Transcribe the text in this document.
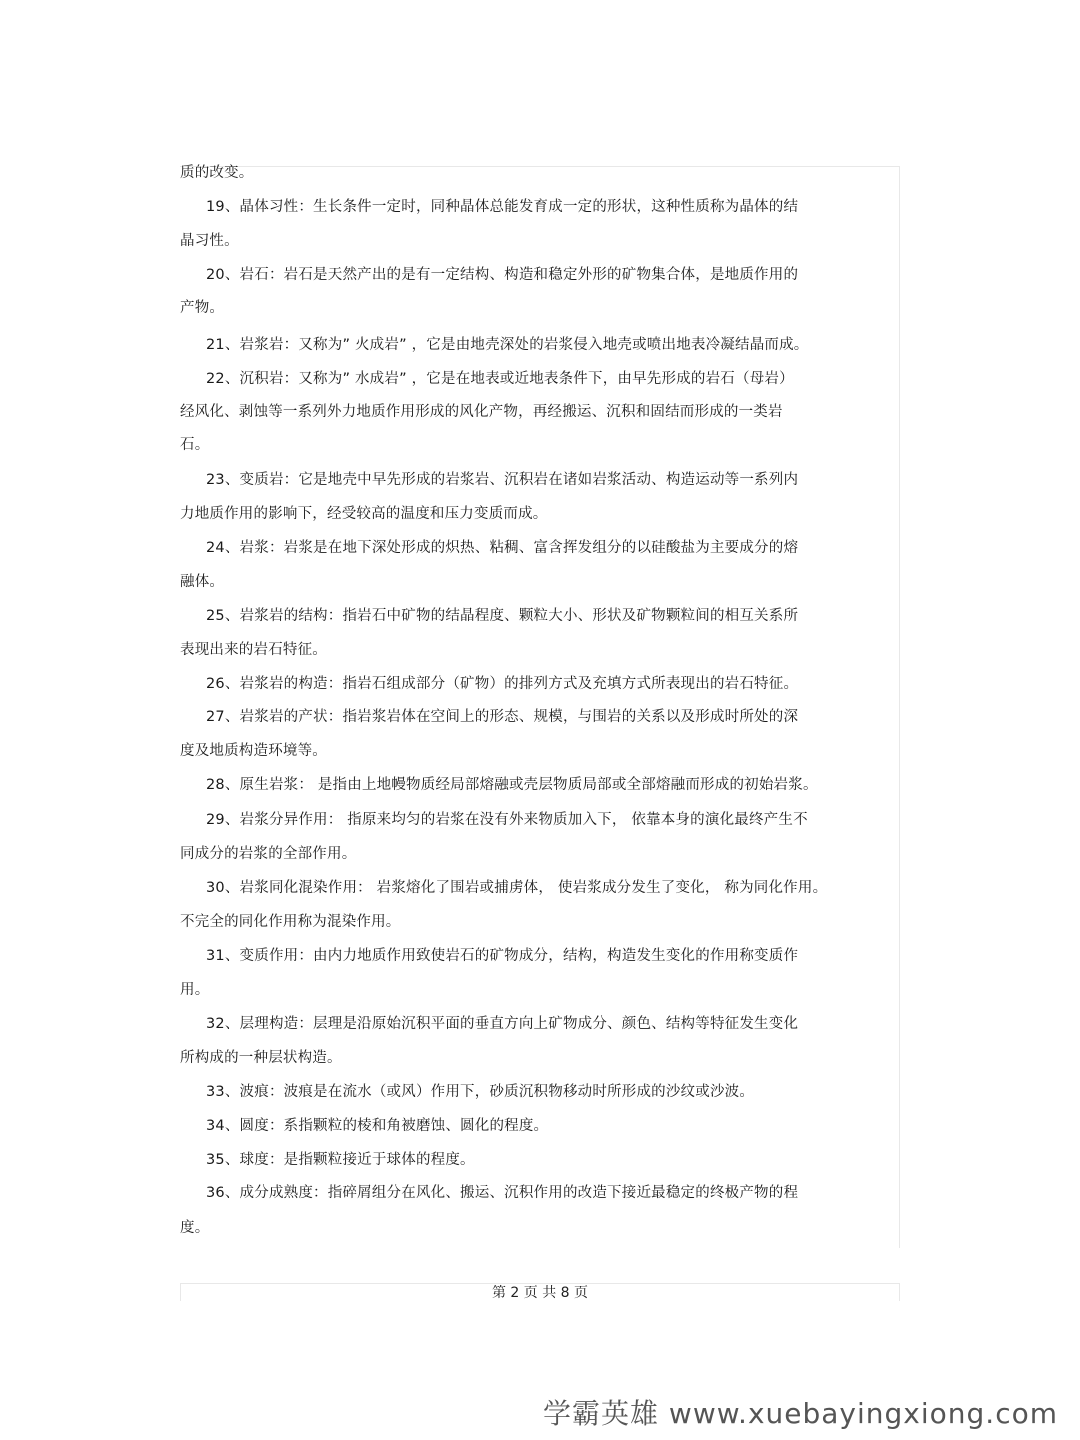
质的改变。
19、晶体习性：生长条件一定时，同种晶体总能发育成一定的形状，这种性质称为晶体的结
晶习性。
20、岩石：岩石是天然产出的是有一定结构、构造和稳定外形的矿物集合体，是地质作用的
产物。
21、岩浆岩：又称为” 火成岩” ，它是由地壳深处的岩浆侵入地壳或喷出地表冷凝结晶而成。
22、沉积岩：又称为” 水成岩” ，它是在地表或近地表条件下，由早先形成的岩石（母岩）
经风化、剥蚀等一系列外力地质作用形成的风化产物，再经搬运、沉积和固结而形成的一类岩
石。
23、变质岩：它是地壳中早先形成的岩浆岩、沉积岩在诸如岩浆活动、构造运动等一系列内
力地质作用的影响下，经受较高的温度和压力变质而成。
24、岩浆：岩浆是在地下深处形成的炽热、粘稠、富含挥发组分的以硅酸盐为主要成分的熔
融体。
25、岩浆岩的结构：指岩石中矿物的结晶程度、颗粒大小、形状及矿物颗粒间的相互关系所
表现出来的岩石特征。
26、岩浆岩的构造：指岩石组成部分（矿物）的排列方式及充填方式所表现出的岩石特征。
27、岩浆岩的产状：指岩浆岩体在空间上的形态、规模，与围岩的关系以及形成时所处的深
度及地质构造环境等。
28、原生岩浆： 是指由上地幔物质经局部熔融或壳层物质局部或全部熔融而形成的初始岩浆。
29、岩浆分异作用： 指原来均匀的岩浆在没有外来物质加入下， 依靠本身的演化最终产生不
同成分的岩浆的全部作用。
30、岩浆同化混染作用： 岩浆熔化了围岩或捕虏体， 使岩浆成分发生了变化， 称为同化作用。
不完全的同化作用称为混染作用。
31、变质作用：由内力地质作用致使岩石的矿物成分，结构，构造发生变化的作用称变质作
用。
32、层理构造：层理是沿原始沉积平面的垂直方向上矿物成分、颜色、结构等特征发生变化
所构成的一种层状构造。
33、波痕：波痕是在流水（或风）作用下，砂质沉积物移动时所形成的沙纹或沙波。
34、圆度：系指颗粒的棱和角被磨蚀、圆化的程度。
35、球度：是指颗粒接近于球体的程度。
36、成分成熟度：指碎屑组分在风化、搬运、沉积作用的改造下接近最稳定的终极产物的程
度。
第 2 页 共 8 页
学霸英雄 www.xuebayingxiong.com
